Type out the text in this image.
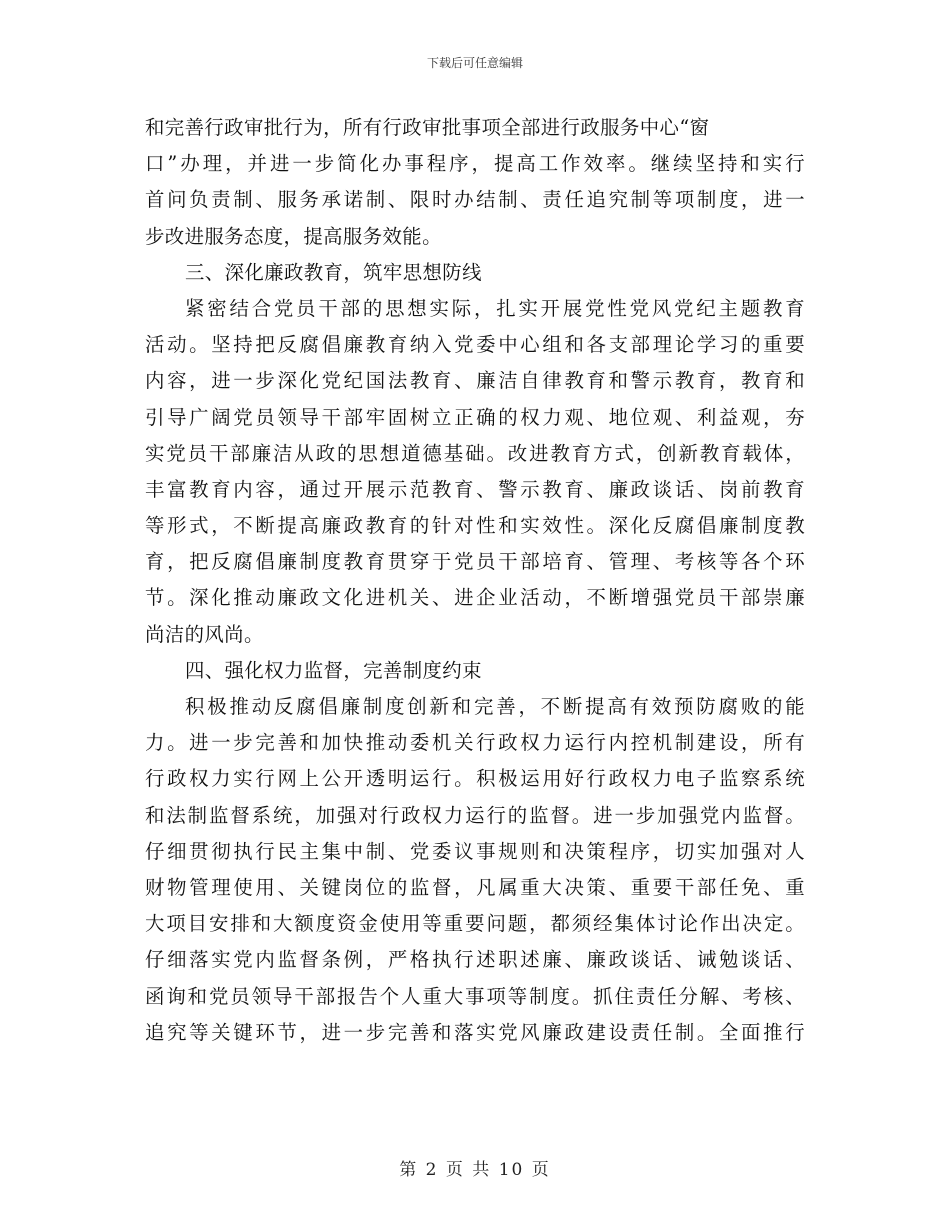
下载后可任意编辑
和完善行政审批行为，所有行政审批事项全部进行政服务中心“窗
口”办理，并进一步简化办事程序，提高工作效率。继续坚持和实行
首问负责制、服务承诺制、限时办结制、责任追究制等项制度，进一
步改进服务态度，提高服务效能。
三、深化廉政教育，筑牢思想防线
紧密结合党员干部的思想实际，扎实开展党性党风党纪主题教育
活动。坚持把反腐倡廉教育纳入党委中心组和各支部理论学习的重要
内容，进一步深化党纪国法教育、廉洁自律教育和警示教育，教育和
引导广阔党员领导干部牢固树立正确的权力观、地位观、利益观，夯
实党员干部廉洁从政的思想道德基础。改进教育方式，创新教育载体，
丰富教育内容，通过开展示范教育、警示教育、廉政谈话、岗前教育
等形式，不断提高廉政教育的针对性和实效性。深化反腐倡廉制度教
育，把反腐倡廉制度教育贯穿于党员干部培育、管理、考核等各个环
节。深化推动廉政文化进机关、进企业活动，不断增强党员干部崇廉
尚洁的风尚。
四、强化权力监督，完善制度约束
积极推动反腐倡廉制度创新和完善，不断提高有效预防腐败的能
力。进一步完善和加快推动委机关行政权力运行内控机制建设，所有
行政权力实行网上公开透明运行。积极运用好行政权力电子监察系统
和法制监督系统，加强对行政权力运行的监督。进一步加强党内监督。
仔细贯彻执行民主集中制、党委议事规则和决策程序，切实加强对人
财物管理使用、关键岗位的监督，凡属重大决策、重要干部任免、重
大项目安排和大额度资金使用等重要问题，都须经集体讨论作出决定。
仔细落实党内监督条例，严格执行述职述廉、廉政谈话、诫勉谈话、
函询和党员领导干部报告个人重大事项等制度。抓住责任分解、考核、
追究等关键环节，进一步完善和落实党风廉政建设责任制。全面推行
第 2 页 共 10 页
